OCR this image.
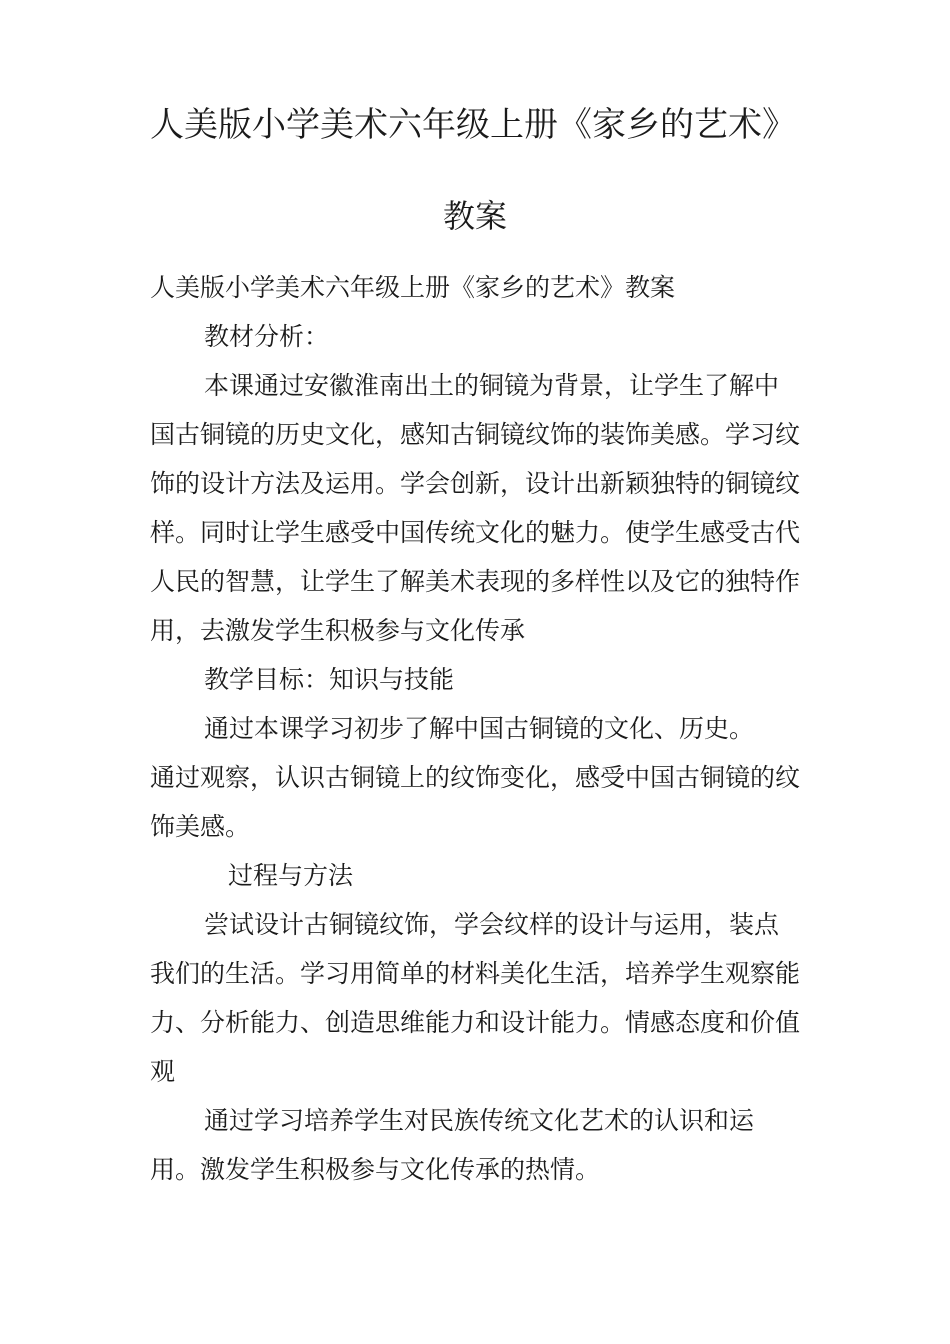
人美版小学美术六年级上册《家乡的艺术》
教案

人美版小学美术六年级上册《家乡的艺术》教案

教材分析：

本课通过安徽淮南出土的铜镜为背景，让学生了解中国古铜镜的历史文化，感知古铜镜纹饰的装饰美感。学习纹饰的设计方法及运用。学会创新，设计出新颖独特的铜镜纹样。同时让学生感受中国传统文化的魅力。使学生感受古代人民的智慧，让学生了解美术表现的多样性以及它的独特作用，去激发学生积极参与文化传承

教学目标：知识与技能

通过本课学习初步了解中国古铜镜的文化、历史。

通过观察，认识古铜镜上的纹饰变化，感受中国古铜镜的纹饰美感。

过程与方法

尝试设计古铜镜纹饰，学会纹样的设计与运用，装点我们的生活。学习用简单的材料美化生活，培养学生观察能力、分析能力、创造思维能力和设计能力。情感态度和价值观

通过学习培养学生对民族传统文化艺术的认识和运用。激发学生积极参与文化传承的热情。
